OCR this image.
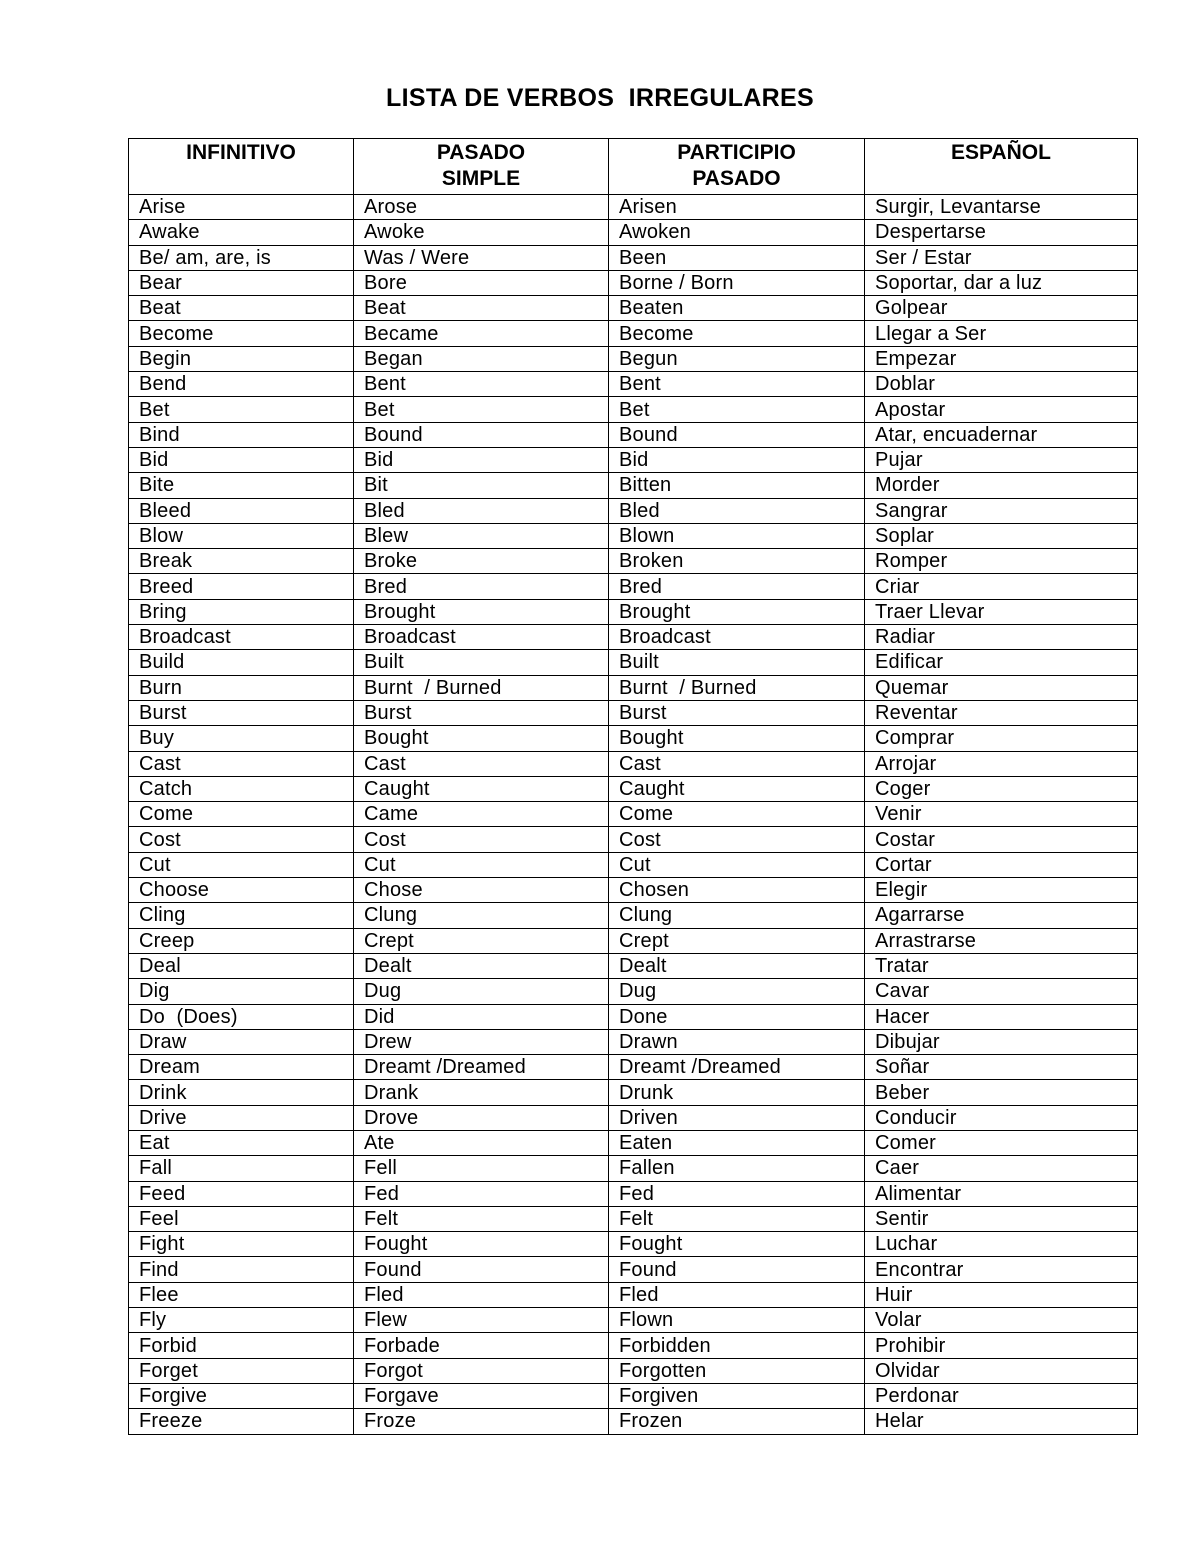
LISTA DE VERBOS  IRREGULARES
INFINITIVO	PASADO SIMPLE	PARTICIPIO PASADO	ESPAÑOL
Arise	Arose	Arisen	Surgir, Levantarse
Awake	Awoke	Awoken	Despertarse
Be/ am, are, is	Was / Were	Been	Ser / Estar
Bear	Bore	Borne / Born	Soportar, dar a luz
Beat	Beat	Beaten	Golpear
Become	Became	Become	Llegar a Ser
Begin	Began	Begun	Empezar
Bend	Bent	Bent	Doblar
Bet	Bet	Bet	Apostar
Bind	Bound	Bound	Atar, encuadernar
Bid	Bid	Bid	Pujar
Bite	Bit	Bitten	Morder
Bleed	Bled	Bled	Sangrar
Blow	Blew	Blown	Soplar
Break	Broke	Broken	Romper
Breed	Bred	Bred	Criar
Bring	Brought	Brought	Traer Llevar
Broadcast	Broadcast	Broadcast	Radiar
Build	Built	Built	Edificar
Burn	Burnt  / Burned	Burnt  / Burned	Quemar
Burst	Burst	Burst	Reventar
Buy	Bought	Bought	Comprar
Cast	Cast	Cast	Arrojar
Catch	Caught	Caught	Coger
Come	Came	Come	Venir
Cost	Cost	Cost	Costar
Cut	Cut	Cut	Cortar
Choose	Chose	Chosen	Elegir
Cling	Clung	Clung	Agarrarse
Creep	Crept	Crept	Arrastrarse
Deal	Dealt	Dealt	Tratar
Dig	Dug	Dug	Cavar
Do  (Does)	Did	Done	Hacer
Draw	Drew	Drawn	Dibujar
Dream	Dreamt /Dreamed	Dreamt /Dreamed	Soñar
Drink	Drank	Drunk	Beber
Drive	Drove	Driven	Conducir
Eat	Ate	Eaten	Comer
Fall	Fell	Fallen	Caer
Feed	Fed	Fed	Alimentar
Feel	Felt	Felt	Sentir
Fight	Fought	Fought	Luchar
Find	Found	Found	Encontrar
Flee	Fled	Fled	Huir
Fly	Flew	Flown	Volar
Forbid	Forbade	Forbidden	Prohibir
Forget	Forgot	Forgotten	Olvidar
Forgive	Forgave	Forgiven	Perdonar
Freeze	Froze	Frozen	Helar
